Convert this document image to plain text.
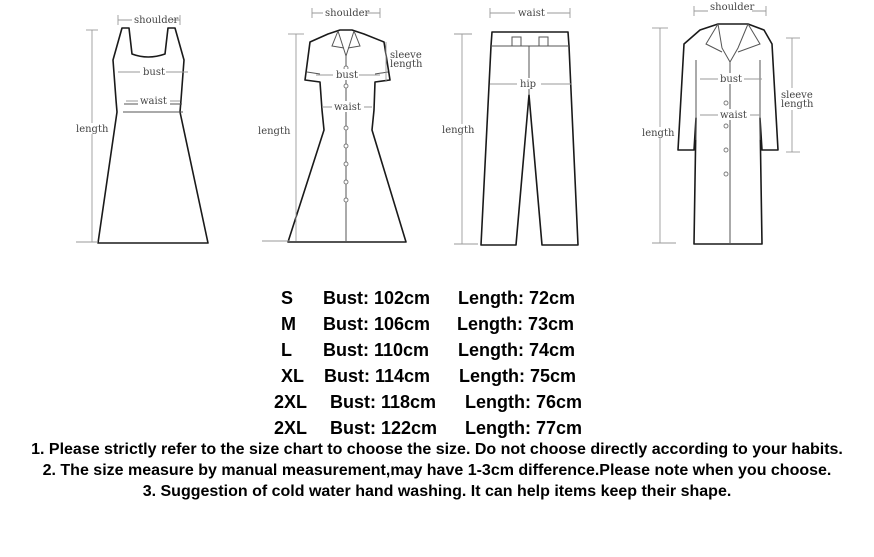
shoulder
bust
waist
length
shoulder
sleeve
length
bust
waist
length
waist
hip
length
shoulder
sleeve
length
bust
waist
length
S Bust: 102cm Length: 72cm
M Bust: 106cm Length: 73cm
L Bust: 110cm Length: 74cm
XL Bust: 114cm Length: 75cm
2XL Bust: 118cm Length: 76cm
2XL Bust: 122cm Length: 77cm

1. Please strictly refer to the size chart to choose the size. Do not choose directly according to your habits.

2. The size measure by manual measurement,may have 1-3cm difference.Please note when you choose.

3. Suggestion of cold water hand washing. It can help items keep their shape.
